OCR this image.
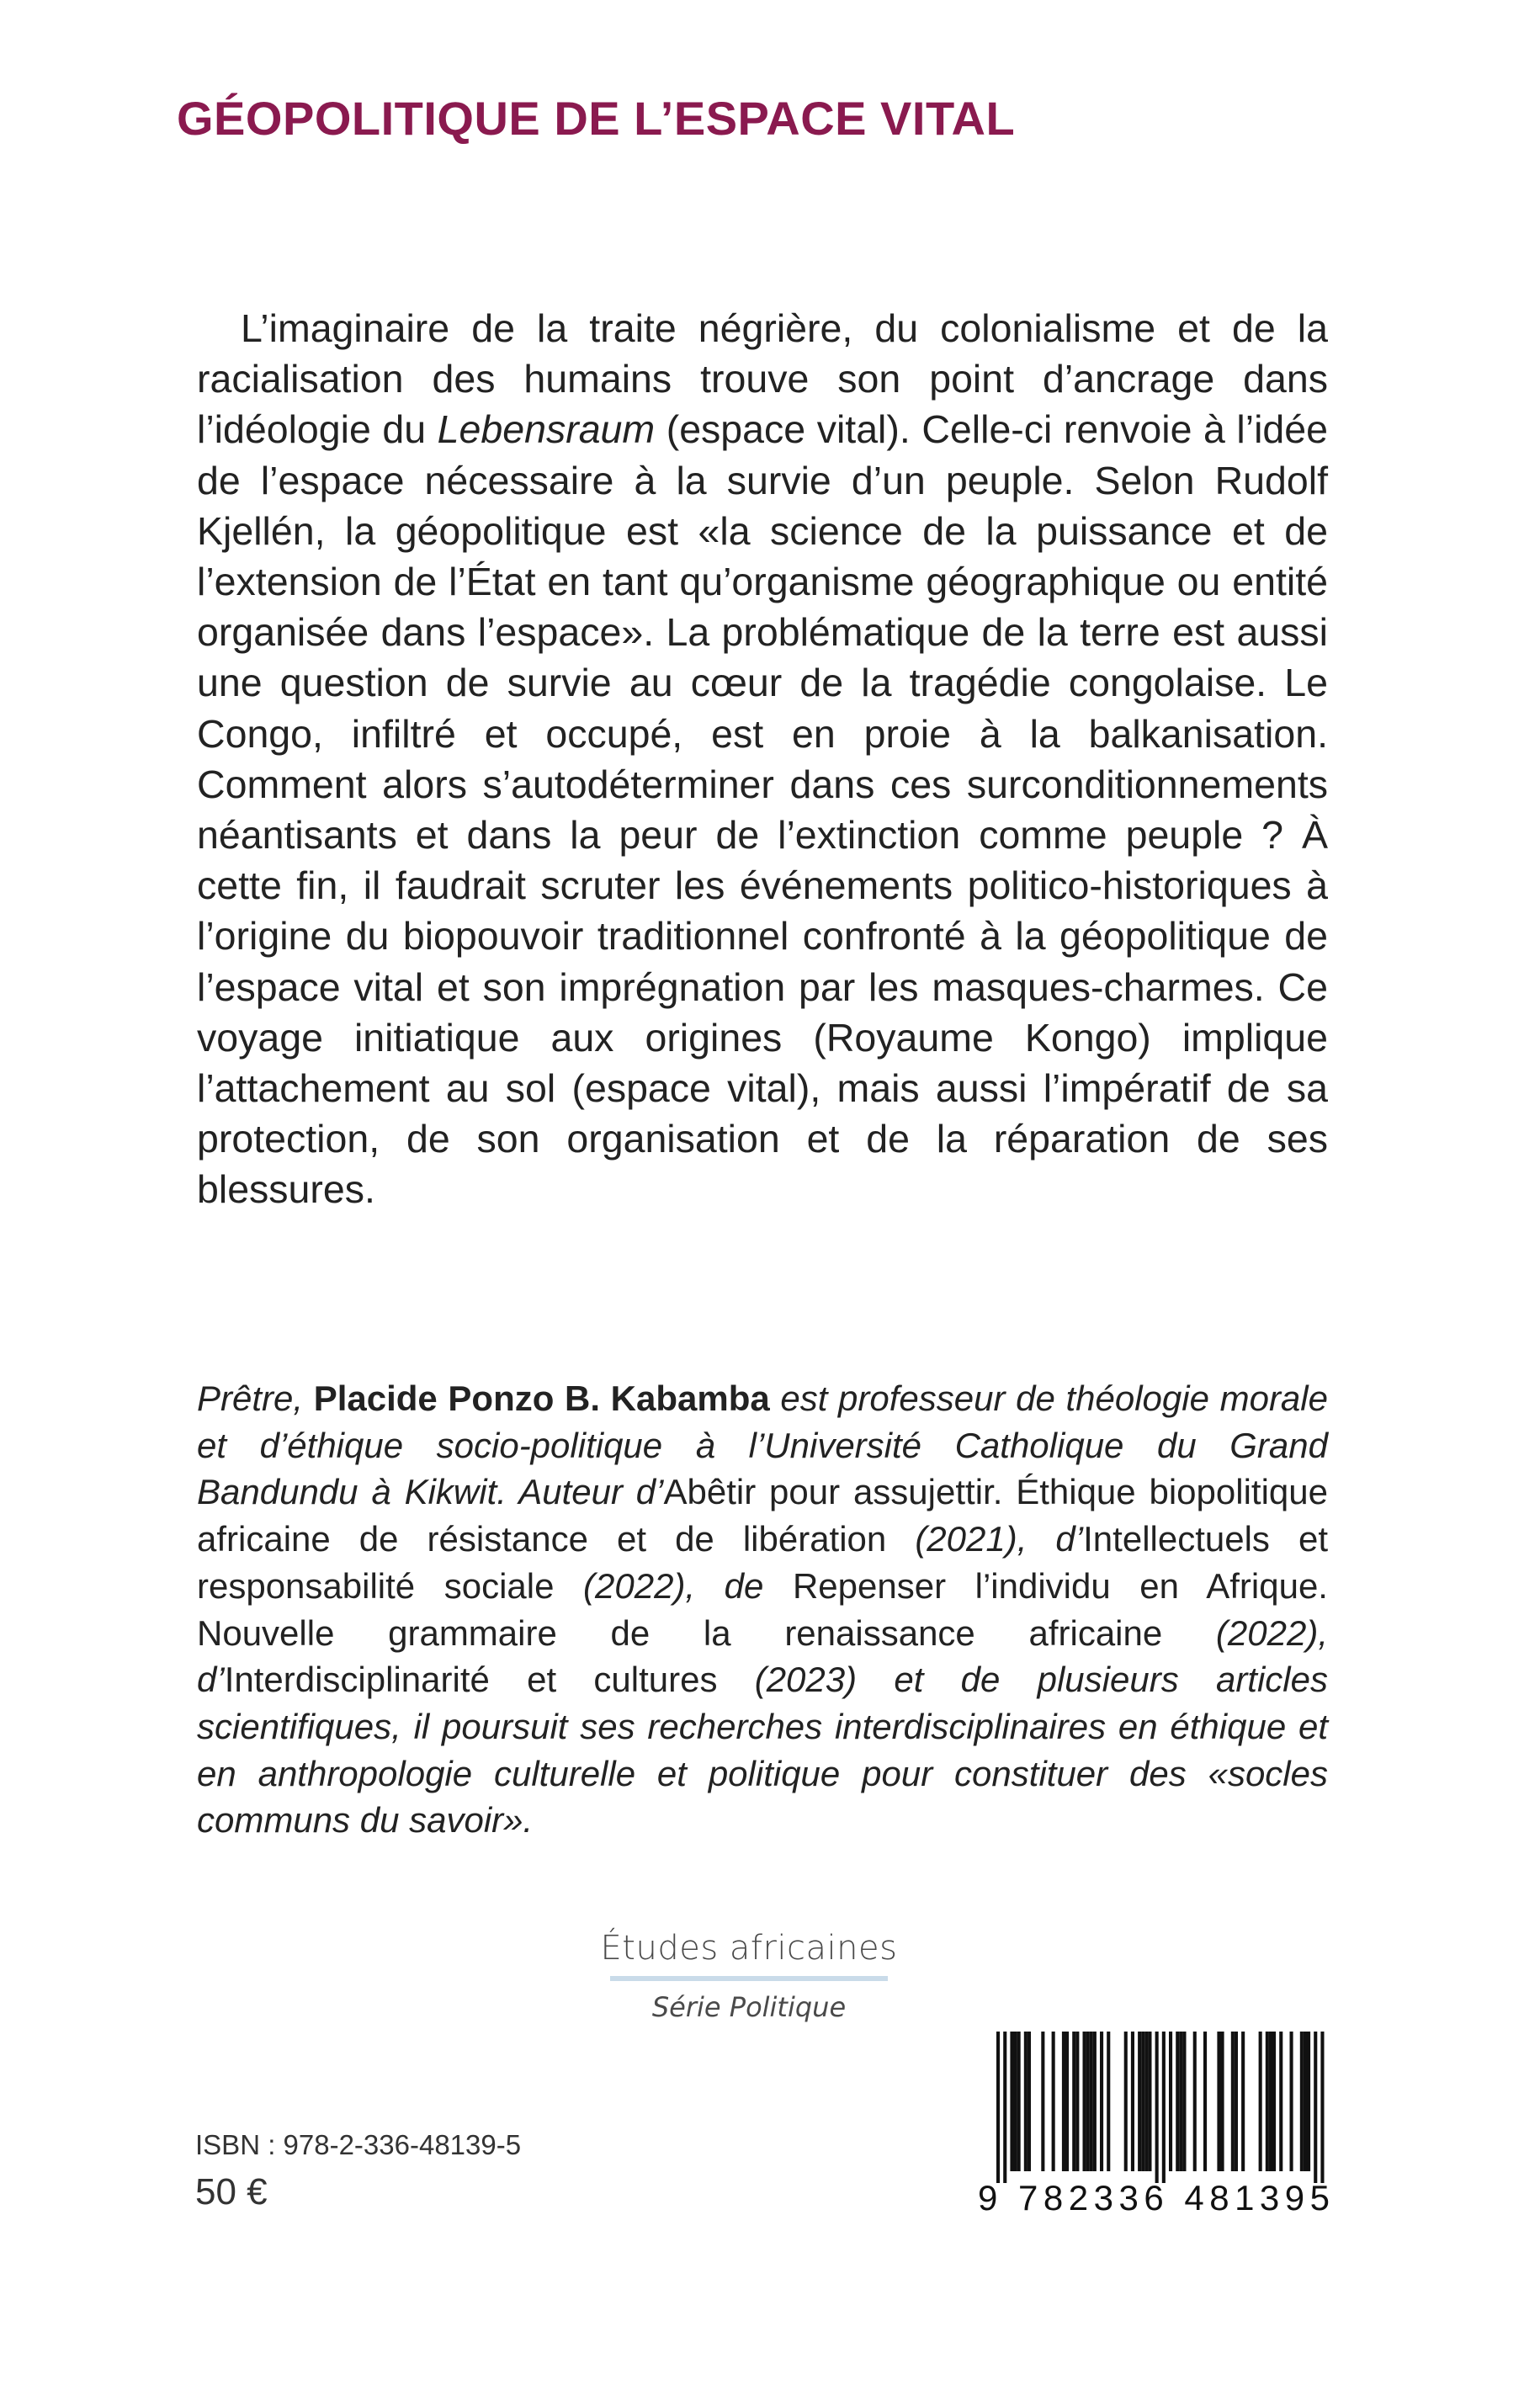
GÉOPOLITIQUE DE L’ESPACE VITAL

L’imaginaire de la traite négrière, du colonialisme et de la racialisation des humains trouve son point d’ancrage dans l’idéologie du Lebensraum (espace vital). Celle-ci renvoie à l’idée de l’espace nécessaire à la survie d’un peuple. Selon Rudolf Kjellén, la géopolitique est «la science de la puissance et de l’extension de l’État en tant qu’organisme géographique ou entité organisée dans l’espace». La problématique de la terre est aussi une question de survie au cœur de la tragédie congolaise. Le Congo, infiltré et occupé, est en proie à la balkanisation. Comment alors s’autodéterminer dans ces surconditionnements néantisants et dans la peur de l’extinction comme peuple ? À cette fin, il faudrait scruter les événements politico-historiques à l’origine du biopouvoir traditionnel confronté à la géopolitique de l’espace vital et son imprégnation par les masques-charmes. Ce voyage initiatique aux origines (Royaume Kongo) implique l’attachement au sol (espace vital), mais aussi l’impératif de sa protection, de son organisation et de la réparation de ses blessures.

Prêtre, Placide Ponzo B. Kabamba est professeur de théologie morale et d’éthique socio-politique à l’Université Catholique du Grand Bandundu à Kikwit. Auteur d’Abêtir pour assujettir. Éthique biopolitique africaine de résistance et de libération (2021), d’Intellectuels et responsabilité sociale (2022), de Repenser l’individu en Afrique. Nouvelle grammaire de la renaissance africaine (2022), d’Interdisciplinarité et cultures (2023) et de plusieurs articles scientifiques, il poursuit ses recherches interdisciplinaires en éthique et en anthropologie culturelle et politique pour constituer des «socles communs du savoir».

Études africaines
Série Politique
ISBN : 978-2-336-48139-5
50 €	9 782336 481395
